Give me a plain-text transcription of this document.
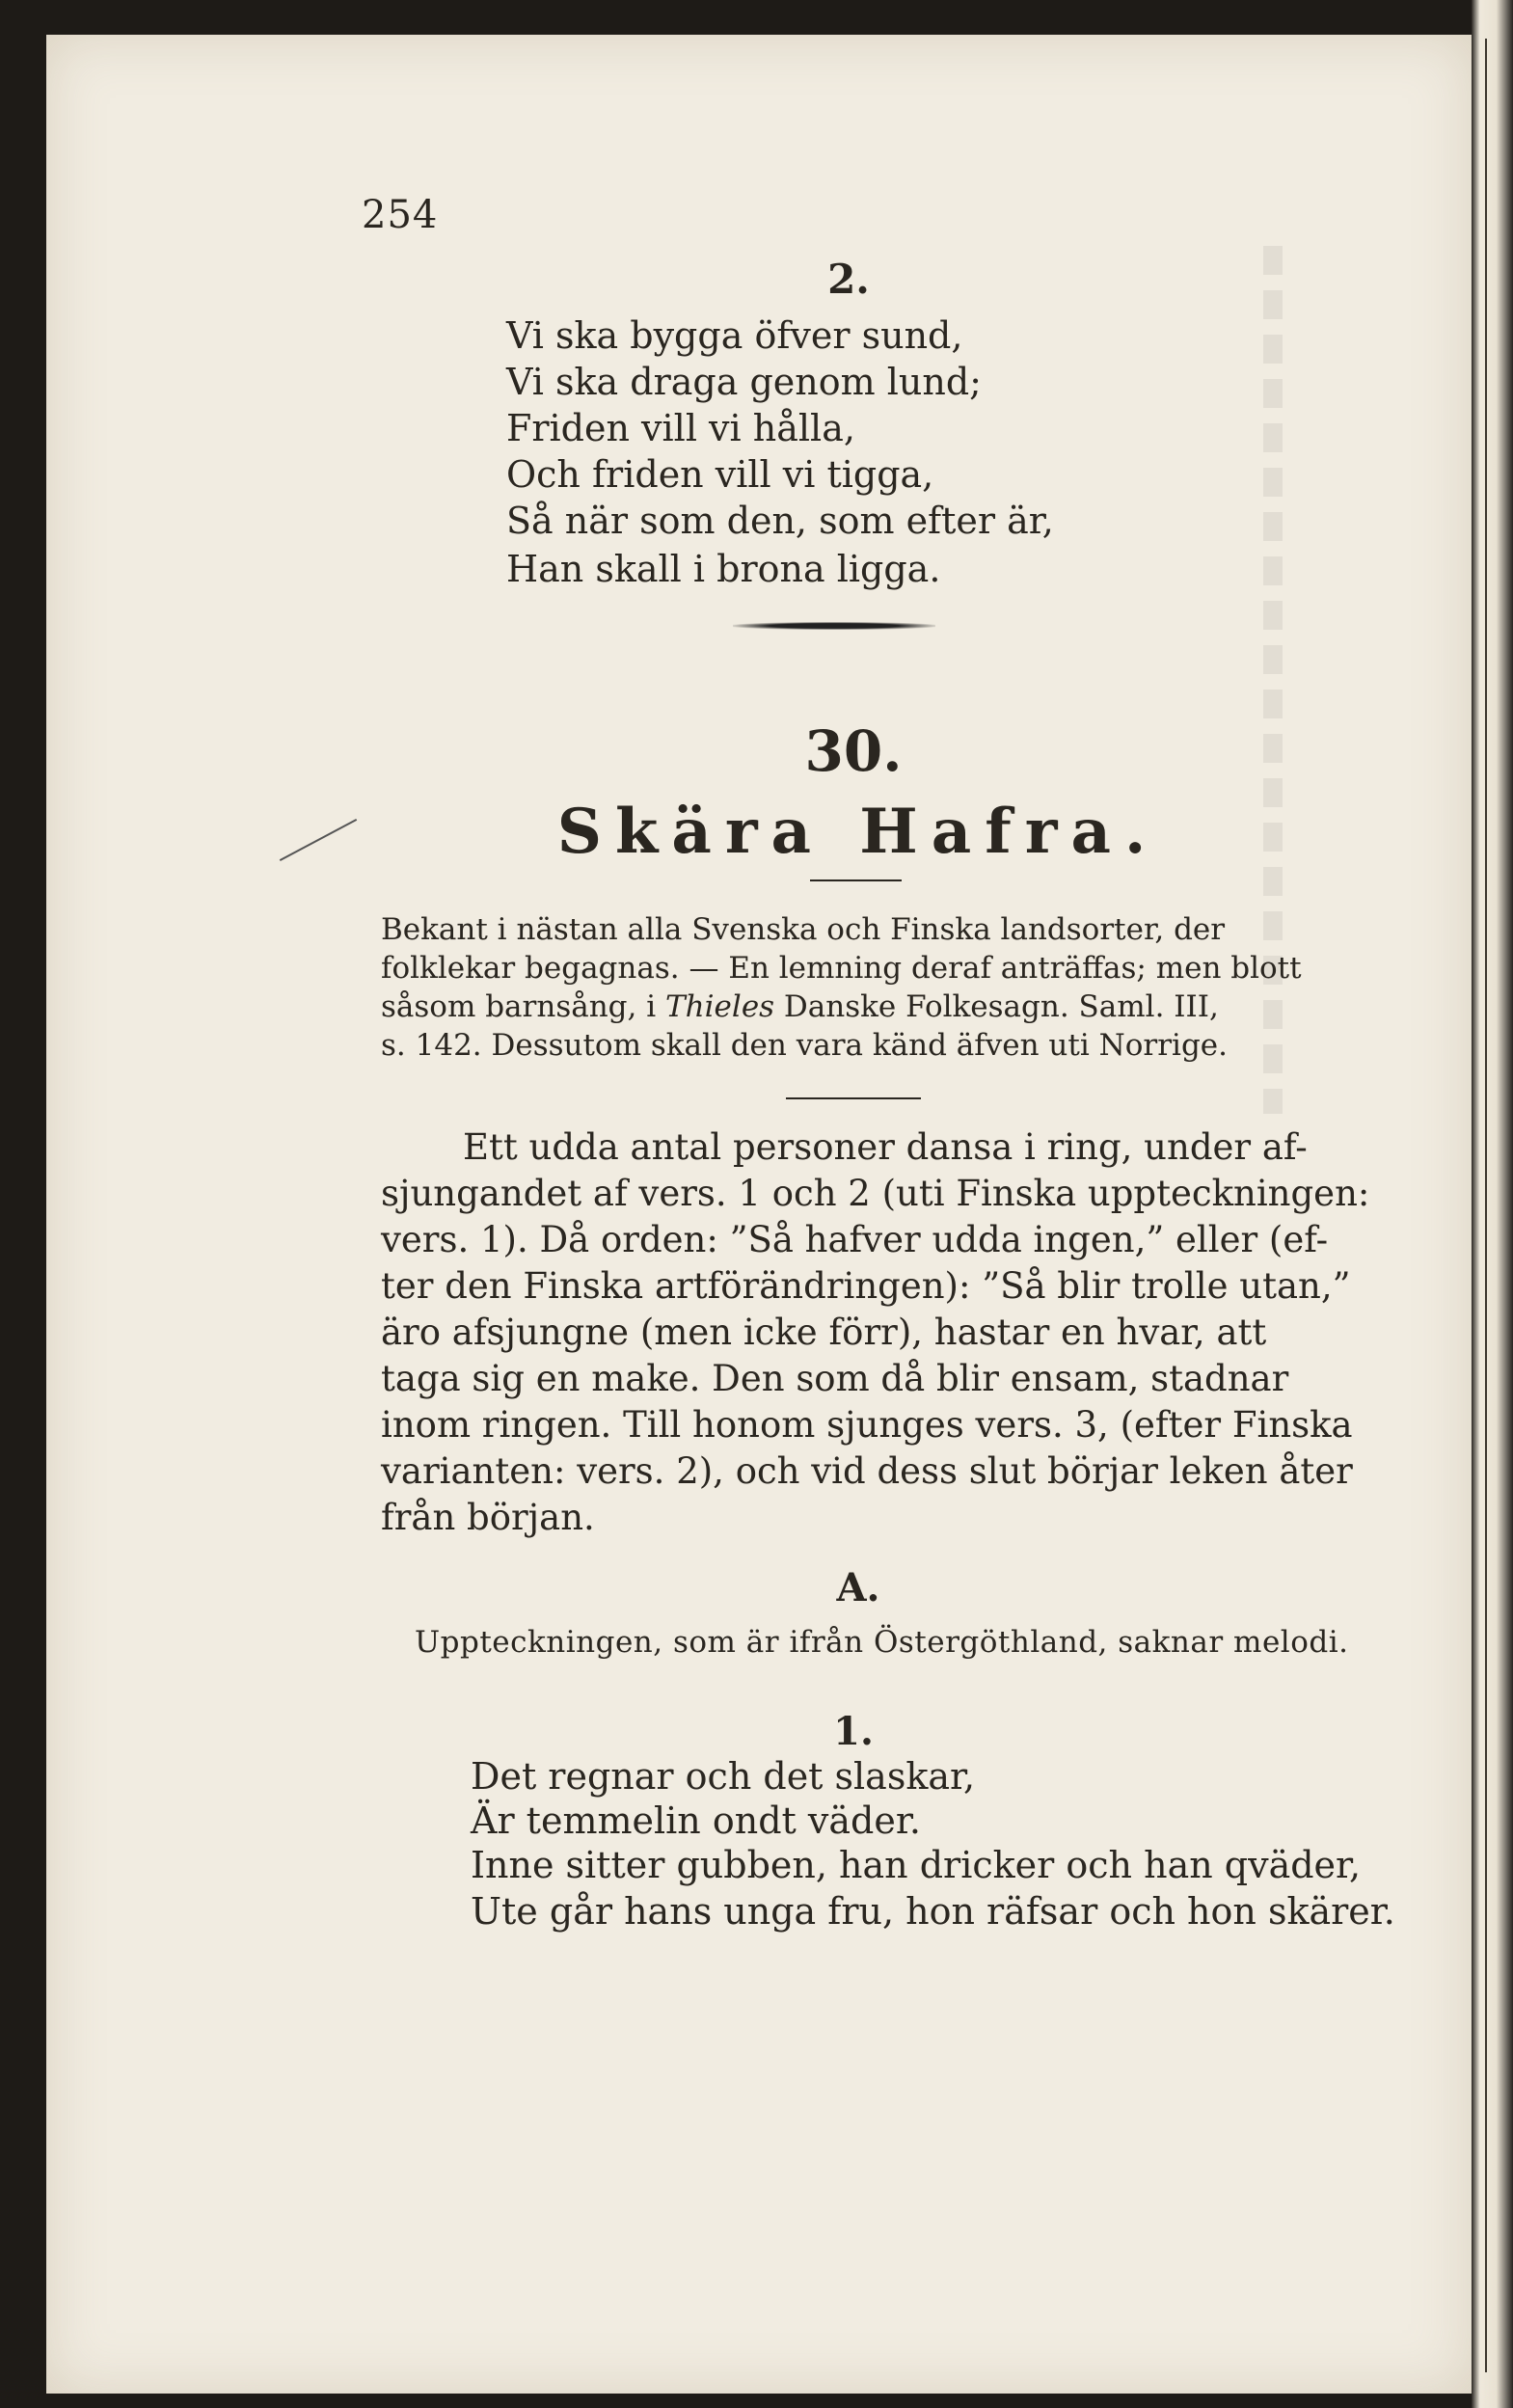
254
2.
Vi ska bygga öfver sund,
Vi ska draga genom lund;
Friden vill vi hålla,
Och friden vill vi tigga,
Så när som den, som efter är,
Han skall i brona ligga.
30.
Skära Hafra.
Bekant i nästan alla Svenska och Finska landsorter, der
folklekar begagnas. — En lemning deraf anträffas; men blott
såsom barnsång, i Thieles Danske Folkesagn. Saml. III,
s. 142. Dessutom skall den vara känd äfven uti Norrige.
Ett udda antal personer dansa i ring, under af-
sjungandet af vers. 1 och 2 (uti Finska uppteckningen:
vers. 1). Då orden: ”Så hafver udda ingen,” eller (ef-
ter den Finska artförändringen): ”Så blir trolle utan,”
äro afsjungne (men icke förr), hastar en hvar, att
taga sig en make. Den som då blir ensam, stadnar
inom ringen. Till honom sjunges vers. 3, (efter Finska
varianten: vers. 2), och vid dess slut börjar leken åter
från början.
A.
Uppteckningen, som är ifrån Östergöthland, saknar melodi.
1.
Det regnar och det slaskar,
Är temmelin ondt väder.
Inne sitter gubben, han dricker och han qväder,
Ute går hans unga fru, hon räfsar och hon skärer.
